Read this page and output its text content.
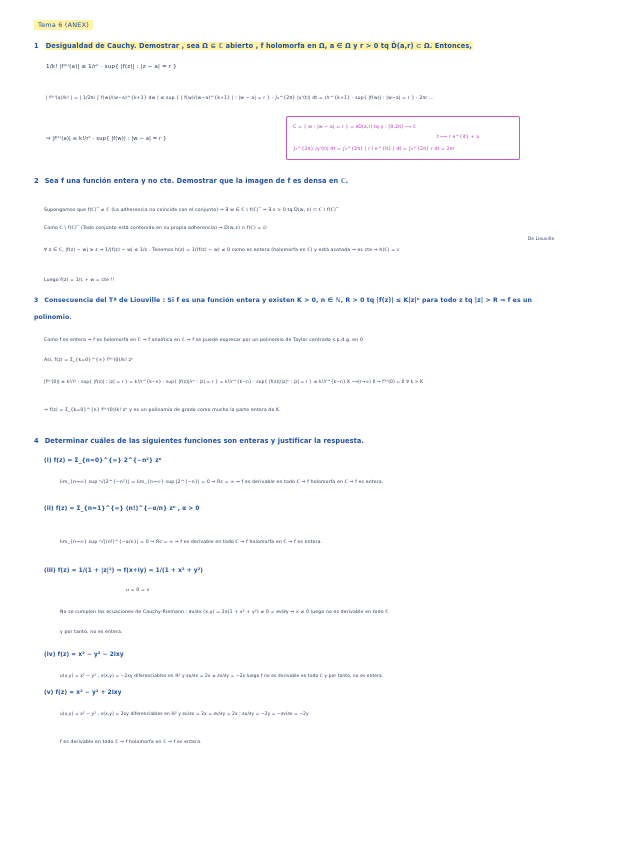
Tema 6 (ANEX)
1 Desigualdad de Cauchy. Demostrar , sea Ω ⊆ ℂ abierto , f holomorfa en Ω, a ∈ Ω y r > 0 tq D̄(a,r) ⊂ Ω. Entonces,
1/k! |f⁽ᵏ⁾(a)| ≤ 1/rᵏ · sup{ |f(z)| : |z − a| = r }
| f⁽ᵏ⁾(a)/k! | = | 1/2πi ∫ f(w)/(w−a)^{k+1} dw | ≤ sup { | f(w)/(w−a)^{k+1} | : |w − a| = r } · ∫₀^{2π} |γ'(t)| dt = r/r^{k+1} · sup{ |f(w)| : |w−a| = r } · 2πr ...
⇒ |f⁽ᵏ⁾(a)| ≤ k!/rᵏ · sup{ |f(w)| : |w − a| = r }
C = { w : |w − a| = r } = ∂D(a,r) tq γ : [0,2π] ⟶ ℂ
t ⟼ r e^{it} + a
∫₀^{2π} |γ'(t)| dt = ∫₀^{2π} | r i e^{it} | dt = ∫₀^{2π} r dt = 2πr
2 Sea f una función entera y no cte. Demostrar que la imagen de f es densa en ℂ.
Supongamos que f(ℂ)‾ ≠ ℂ (La adherencia no coincide con el conjunto) ⇒ ∃ w ∈ ℂ \ f(ℂ)‾ ⇒ ∃ ε > 0 tq D(w, ε) ⊂ ℂ \ f(ℂ)‾
Como ℂ \ f(ℂ)‾ (Todo conjunto está contenido en su propia adherencia) ⇒ D(w,ε) ∩ f(ℂ) = ∅
De Liouville
∀ z ∈ ℂ, |f(z) − w| ≥ ε ⇒ 1/|f(z) − w| ≤ 1/ε . Tenemos h(z) = 1/(f(z) − w) ≠ 0 como es entera (holomorfa en ℂ) y está acotada ⇒ es cte ⇒ h(ℂ) = c
Luego f(z) = 1/c + w = cte !!
3 Consecuencia del Tª de Liouville : Si f es una función entera y existen K > 0, n ∈ ℕ, R > 0 tq |f(z)| ≤ K|z|ⁿ para todo z tq |z| > R ⇒ f es un
polinomio.
Como f es entera ⇒ f es holomorfa en ℂ ⇒ f analítica en ℂ ⇒ f se puede expresar por un polinomio de Taylor centrado s.p.d.g. en 0
Así, f(z) = Σ_{k=0}^{∞} f⁽ᵏ⁾(0)/k! zᵏ
|f⁽ᵏ⁾(0)| ≤ k!/rᵏ · sup{ |f(z)| : |z| = r } = k!/r^{k−n} · sup{ |f(z)|/rⁿ : |z| = r } = k!/r^{k−n} · sup{ |f(z)|/|z|ⁿ : |z| = r } ≤ k!/r^{k−n} K ⟶(r→∞) 0 ⇒ f⁽ᵏ⁾(0) = 0 ∀ k > K
⇒ f(z) = Σ_{k=0}^{n} f⁽ᵏ⁾(0)/k! zᵏ y es un polinomio de grado como mucho la parte entera de K.
4 Determinar cuáles de las siguientes funciones son enteras y justificar la respuesta.
(i) f(z) = Σ_{n=0}^{∞} 2^{−n²} zⁿ
lim_{n→∞} sup ⁿ√|2^{−n²}| = lim_{n→∞} sup |2^{−n}| = 0 ⇒ Rc = ∞ ⇒ f es derivable en todo ℂ ⇒ f holomorfa en ℂ ⇒ f es entera.
(ii) f(z) = Σ_{n=1}^{∞} (n!)^{−α/n} zⁿ , α > 0
lim_{n→∞} sup ⁿ√|(n!)^{−α/n}| = 0 ⇒ Rc = ∞ ⇒ f es derivable en todo ℂ ⇒ f holomorfa en ℂ ⇒ f es entera.
(iii) f(z) = 1/(1 + |z|²) ⇒ f(x+iy) = 1/(1 + x² + y²)
u = 0 = v
No se cumplen las ecuaciones de Cauchy-Riemann : ∂u/∂x (x,y) = 2x(1 + x² + y²) ≠ 0 = ∂v/∂y ⇔ x ≠ 0 luego no es derivable en todo ℂ
y por tanto, no es entera.
(iv) f(z) = x² − y² − 2ixy
u(x,y) = x² − y² , v(x,y) = −2xy diferenciables en ℝ² y ∂u/∂x = 2x ≠ ∂v/∂y = −2x luego f no es derivable en todo ℂ y por tanto, no es entera.
(v) f(z) = x² − y² + 2ixy
u(x,y) = x² − y² , v(x,y) = 2xy diferenciables en ℝ² y ∂u/∂x = 2x = ∂v/∂y = 2x ; ∂u/∂y = −2y = −∂v/∂x = −2y
f es derivable en todo ℂ ⇒ f holomorfa en ℂ ⇒ f es entera.
